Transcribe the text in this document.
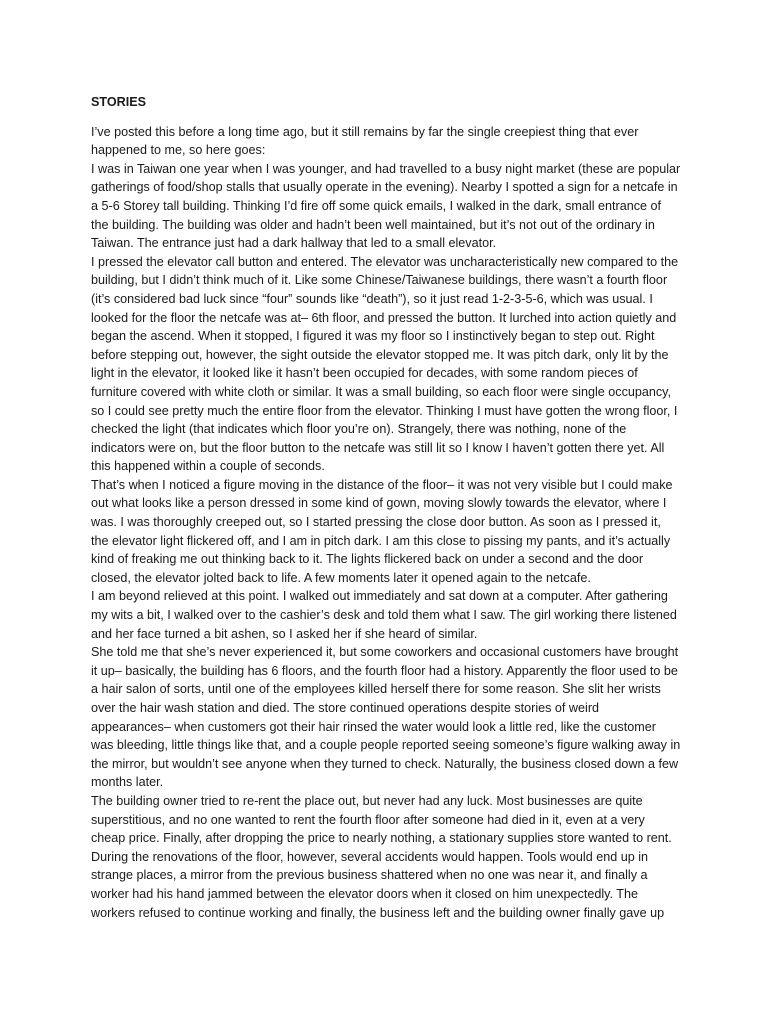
STORIES

I’ve posted this before a long time ago, but it still remains by far the single creepiest thing that ever happened to me, so here goes:

I was in Taiwan one year when I was younger, and had travelled to a busy night market (these are popular gatherings of food/shop stalls that usually operate in the evening). Nearby I spotted a sign for a netcafe in a 5-6 Storey tall building. Thinking I’d fire off some quick emails, I walked in the dark, small entrance of the building. The building was older and hadn’t been well maintained, but it’s not out of the ordinary in Taiwan. The entrance just had a dark hallway that led to a small elevator.

I pressed the elevator call button and entered. The elevator was uncharacteristically new compared to the building, but I didn’t think much of it. Like some Chinese/Taiwanese buildings, there wasn’t a fourth floor (it’s considered bad luck since “four” sounds like “death”), so it just read 1-2-3-5-6, which was usual. I looked for the floor the netcafe was at– 6th floor, and pressed the button. It lurched into action quietly and began the ascend. When it stopped, I figured it was my floor so I instinctively began to step out. Right before stepping out, however, the sight outside the elevator stopped me. It was pitch dark, only lit by the light in the elevator, it looked like it hasn’t been occupied for decades, with some random pieces of furniture covered with white cloth or similar. It was a small building, so each floor were single occupancy, so I could see pretty much the entire floor from the elevator. Thinking I must have gotten the wrong floor, I checked the light (that indicates which floor you’re on). Strangely, there was nothing, none of the indicators were on, but the floor button to the netcafe was still lit so I know I haven’t gotten there yet. All this happened within a couple of seconds.

That’s when I noticed a figure moving in the distance of the floor– it was not very visible but I could make out what looks like a person dressed in some kind of gown, moving slowly towards the elevator, where I was. I was thoroughly creeped out, so I started pressing the close door button. As soon as I pressed it, the elevator light flickered off, and I am in pitch dark. I am this close to pissing my pants, and it’s actually kind of freaking me out thinking back to it. The lights flickered back on under a second and the door closed, the elevator jolted back to life. A few moments later it opened again to the netcafe.

I am beyond relieved at this point. I walked out immediately and sat down at a computer. After gathering my wits a bit, I walked over to the cashier’s desk and told them what I saw. The girl working there listened and her face turned a bit ashen, so I asked her if she heard of similar.

She told me that she’s never experienced it, but some coworkers and occasional customers have brought it up– basically, the building has 6 floors, and the fourth floor had a history. Apparently the floor used to be a hair salon of sorts, until one of the employees killed herself there for some reason. She slit her wrists over the hair wash station and died. The store continued operations despite stories of weird appearances– when customers got their hair rinsed the water would look a little red, like the customer was bleeding, little things like that, and a couple people reported seeing someone’s figure walking away in the mirror, but wouldn’t see anyone when they turned to check. Naturally, the business closed down a few months later.

The building owner tried to re-rent the place out, but never had any luck. Most businesses are quite superstitious, and no one wanted to rent the fourth floor after someone had died in it, even at a very cheap price. Finally, after dropping the price to nearly nothing, a stationary supplies store wanted to rent. During the renovations of the floor, however, several accidents would happen. Tools would end up in strange places, a mirror from the previous business shattered when no one was near it, and finally a worker had his hand jammed between the elevator doors when it closed on him unexpectedly. The workers refused to continue working and finally, the business left and the building owner finally gave up
